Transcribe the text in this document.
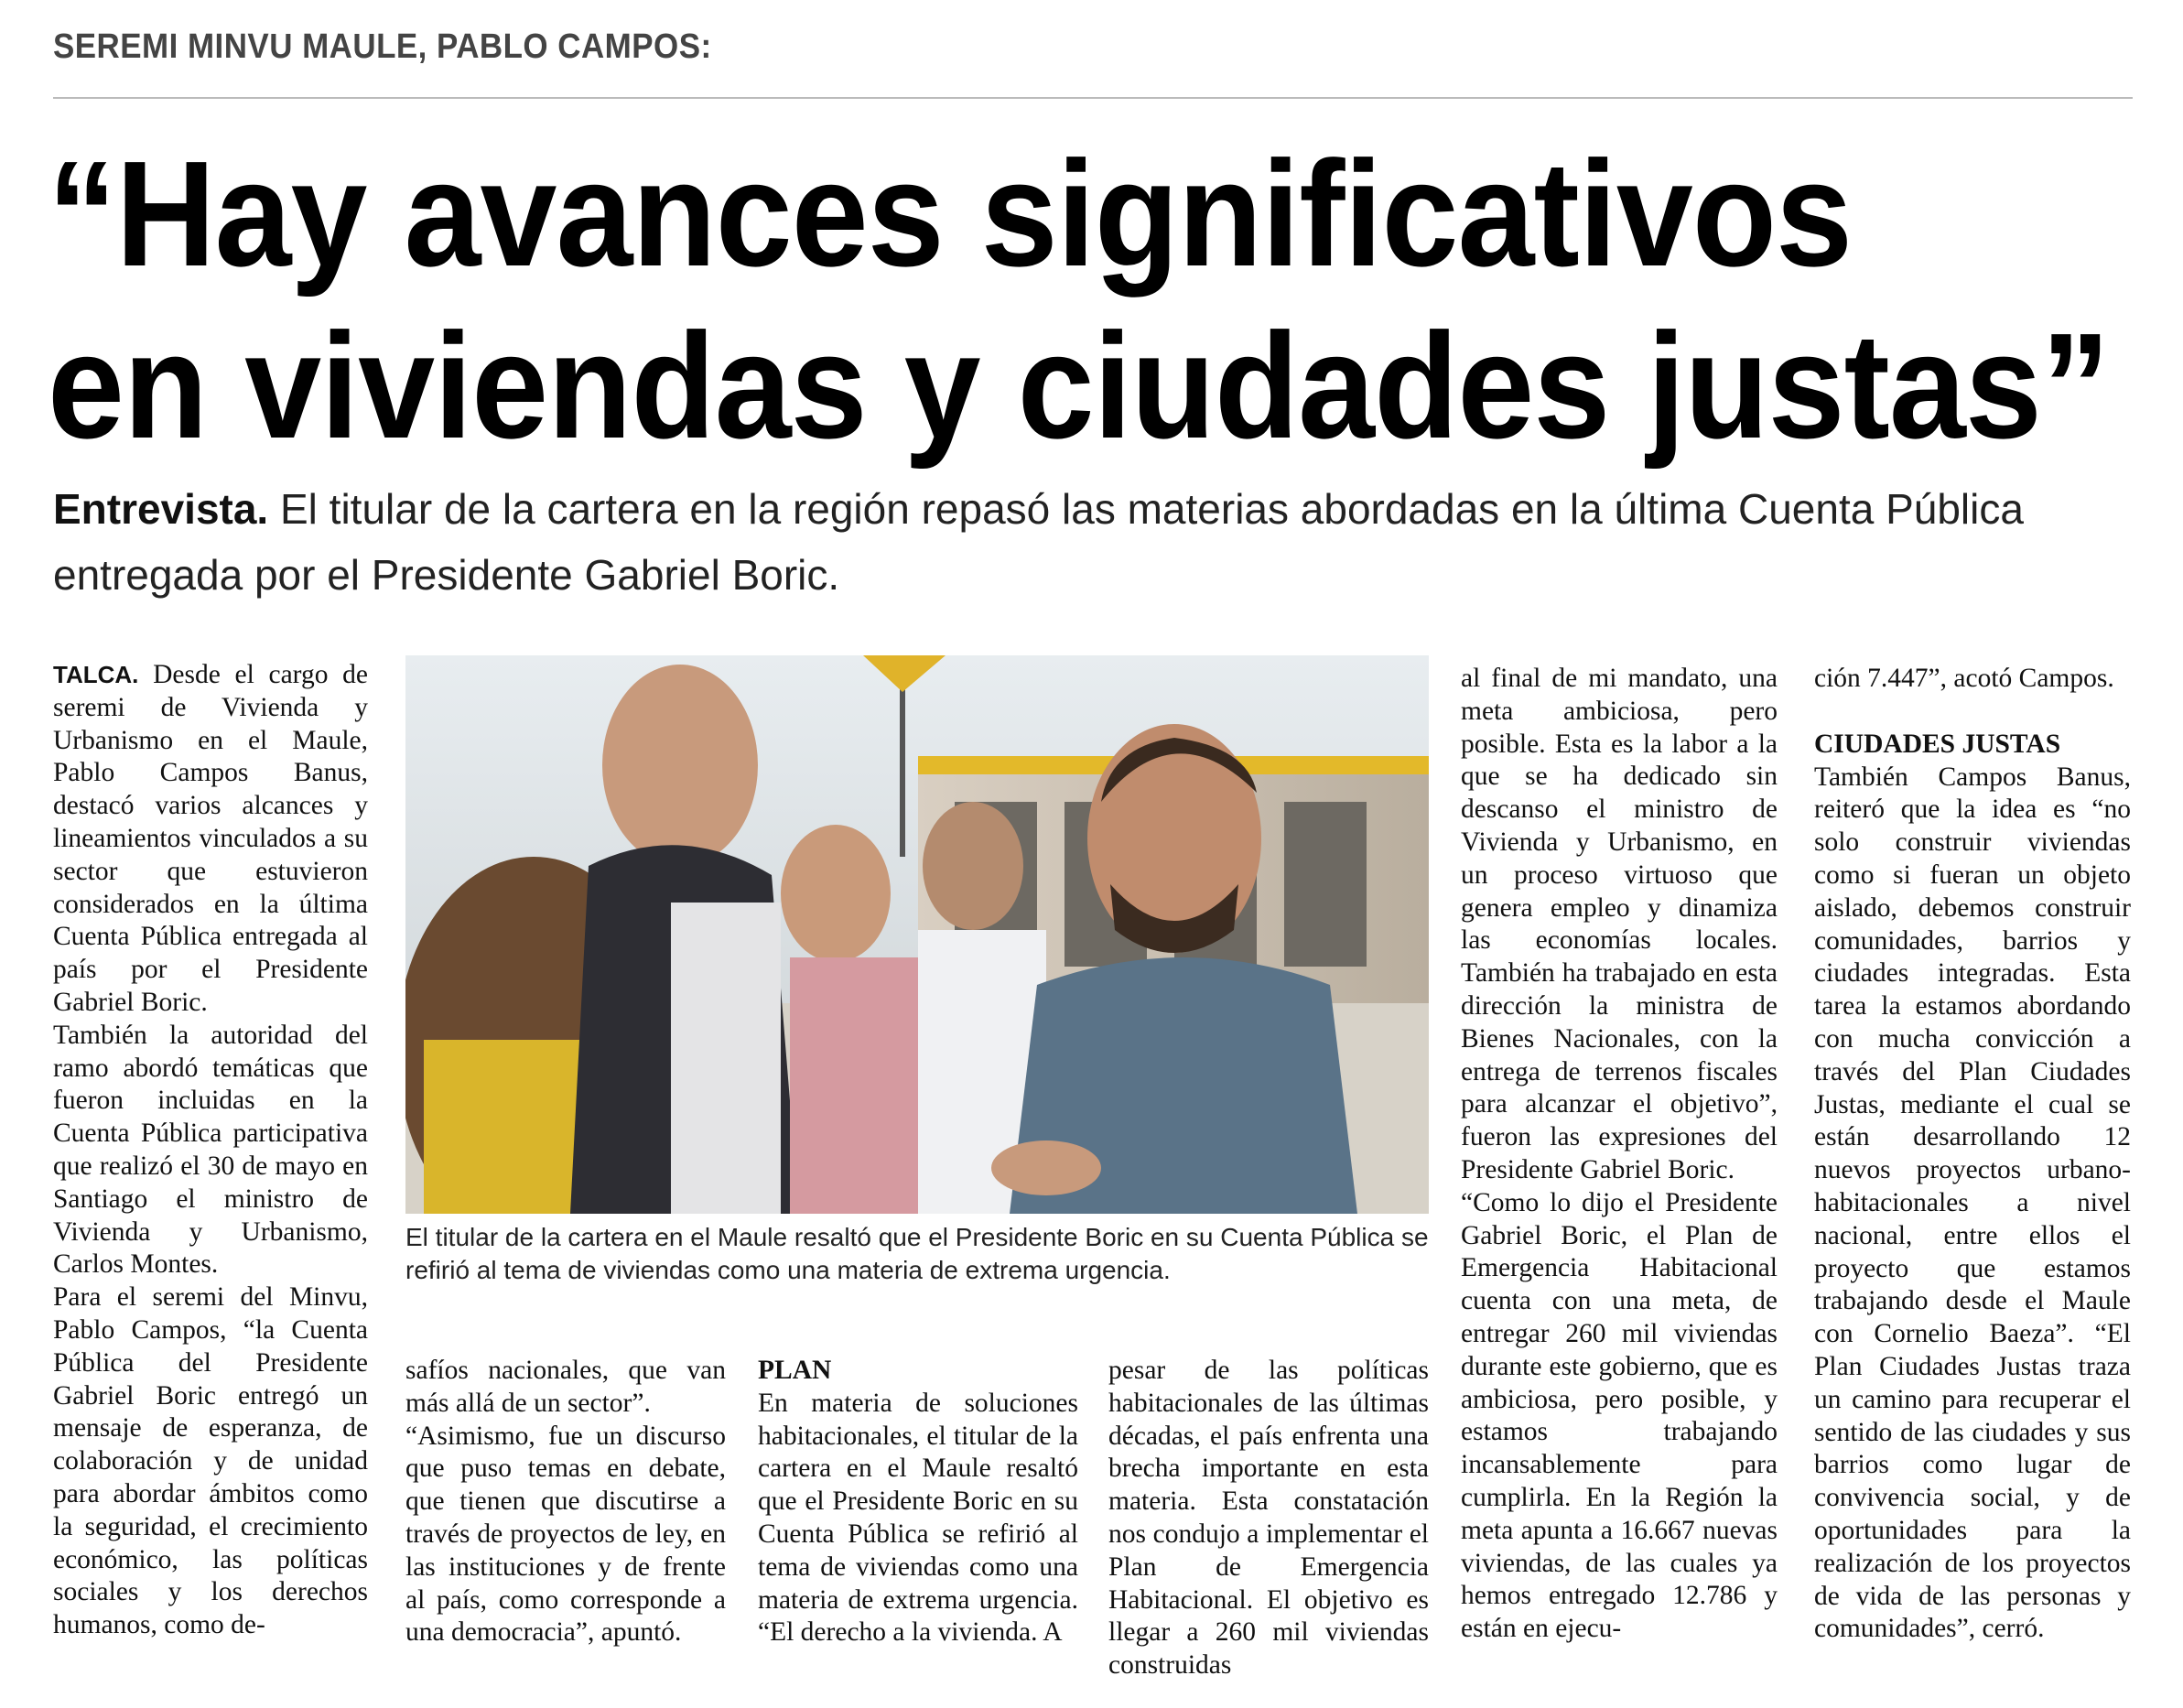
SEREMI MINVU MAULE, PABLO CAMPOS:
“Hay avances significativos
en viviendas y ciudades justas”

Entrevista. El titular de la cartera en la región repasó las materias abordadas en la última Cuenta Pública entregada por el Presidente Gabriel Boric.

TALCA. Desde el cargo de seremi de Vivienda y Urbanismo en el Maule, Pablo Campos Banus, destacó varios alcances y lineamientos vinculados a su sector que estuvieron considerados en la última Cuenta Pública entregada al país por el Presidente Gabriel Boric.

También la autoridad del ramo abordó temáticas que fueron incluidas en la Cuenta Pública participativa que realizó el 30 de mayo en Santiago el ministro de Vivienda y Urbanismo, Carlos Montes.

Para el seremi del Minvu, Pablo Campos, “la Cuenta Pública del Presidente Gabriel Boric entregó un mensaje de esperanza, de colaboración y de unidad para abordar ámbitos como la seguridad, el crecimiento económico, las políticas sociales y los derechos humanos, como de-

El titular de la cartera en el Maule resaltó que el Presidente Boric en su Cuenta Pública se refirió al tema de viviendas como una materia de extrema urgencia.

safíos nacionales, que van más allá de un sector”.

“Asimismo, fue un discurso que puso temas en debate, que tienen que discutirse a través de proyectos de ley, en las instituciones y de frente al país, como corresponde a una democracia”, apuntó.

PLAN

En materia de soluciones habitacionales, el titular de la cartera en el Maule resaltó que el Presidente Boric en su Cuenta Pública se refirió al tema de viviendas como una materia de extrema urgencia. “El derecho a la vivienda. A

pesar de las políticas habitacionales de las últimas décadas, el país enfrenta una brecha importante en esta materia. Esta constatación nos condujo a implementar el Plan de Emergencia Habitacional. El objetivo es llegar a 260 mil viviendas construidas

al final de mi mandato, una meta ambiciosa, pero posible. Esta es la labor a la que se ha dedicado sin descanso el ministro de Vivienda y Urbanismo, en un proceso virtuoso que genera empleo y dinamiza las economías locales. También ha trabajado en esta dirección la ministra de Bienes Nacionales, con la entrega de terrenos fiscales para alcanzar el objetivo”, fueron las expresiones del Presidente Gabriel Boric.

“Como lo dijo el Presidente Gabriel Boric, el Plan de Emergencia Habitacional cuenta con una meta, de entregar 260 mil viviendas durante este gobierno, que es ambiciosa, pero posible, y estamos trabajando incansablemente para cumplirla. En la Región la meta apunta a 16.667 nuevas viviendas, de las cuales ya hemos entregado 12.786 y están en ejecu-

ción 7.447”, acotó Campos.

CIUDADES JUSTAS

También Campos Banus, reiteró que la idea es “no solo construir viviendas como si fueran un objeto aislado, debemos construir comunidades, barrios y ciudades integradas. Esta tarea la estamos abordando con mucha convicción a través del Plan Ciudades Justas, mediante el cual se están desarrollando 12 nuevos proyectos urbano-habitacionales a nivel nacional, entre ellos el proyecto que estamos trabajando desde el Maule con Cornelio Baeza”. “El Plan Ciudades Justas traza un camino para recuperar el sentido de las ciudades y sus barrios como lugar de convivencia social, y de oportunidades para la realización de los proyectos de vida de las personas y comunidades”, cerró.
